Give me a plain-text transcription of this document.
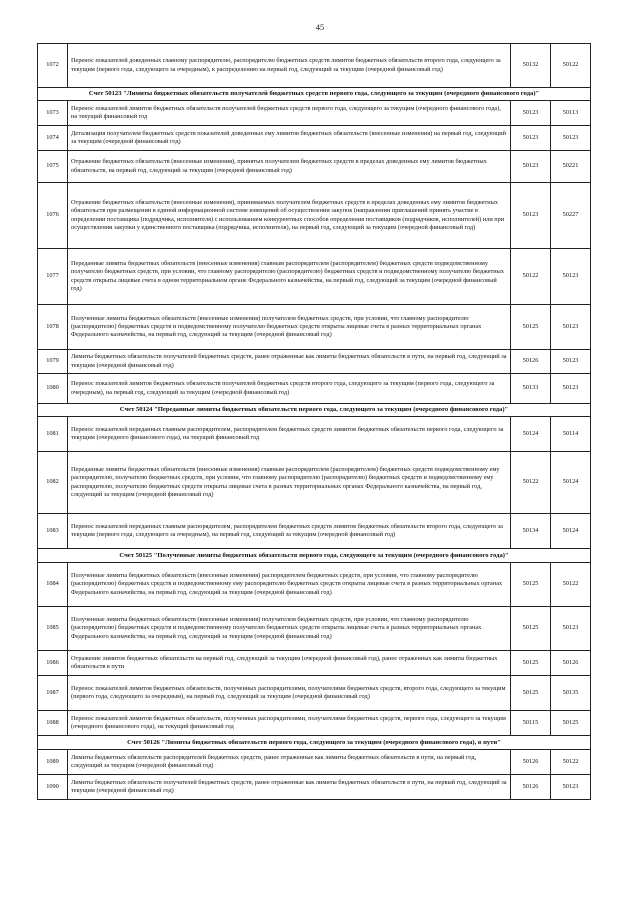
45
1072	Перенос показателей доведенных главному распорядителю, распорядителю бюджетных средств лимитов бюджетных обязательств второго года, следующего за текущим (первого года, следующего за очередным), к распределению на первый год, следующий за текущим (очередной финансовый год)	50132	50122
Счет 50123 "Лимиты бюджетных обязательств получателей бюджетных средств первого года, следующего за текущим (очередного финансового года)"			
1073	Перенос показателей лимитов бюджетных обязательств получателей бюджетных средств первого года, следующего за текущим (очередного финансового года), на текущий финансовый год	50123	50113
1074	Детализация получателем бюджетных средств показателей доведенных ему лимитов бюджетных обязательств (внесенные изменения) на первый год, следующий за текущим (очередной финансовый год)	50123	50123
1075	Отражение бюджетных обязательств (внесенные изменения), принятых получателем бюджетных средств в пределах доведенных ему лимитов бюджетных обязательств, на первый год, следующий за текущим (очередной финансовый год)	50123	50221
1076	Отражение бюджетных обязательств (внесенные изменения), принимаемых получателем бюджетных средств в пределах доведенных ему лимитов бюджетных обязательств при размещении в единой информационной системе извещений об осуществлении закупок (направлении приглашений принять участие в определении поставщика (подрядчика, исполнителя) с использованием конкурентных способов определения поставщиков (подрядчиков, исполнителей) или при осуществлении закупки у единственного поставщика (подрядчика, исполнителя), на первый год, следующий за текущим (очередной финансовый год)	50123	50227
1077	Переданные лимиты бюджетных обязательств (внесенные изменения) главным распорядителем (распорядителем) бюджетных средств подведомственному получателю бюджетных средств, при условии, что главному распорядителю (распорядителю) бюджетных средств и подведомственному получателю бюджетных средств открыты лицевые счета в одном территориальном органе Федерального казначейства, на первый год, следующий за текущим (очередной финансовый год)	50122	50123
1078	Полученные лимиты бюджетных обязательств (внесенные изменения) получателем бюджетных средств, при условии, что главному распорядителю (распорядителю) бюджетных средств и подведомственному получателю бюджетных средств открыты лицевые счета в разных территориальных органах Федерального казначейства, на первый год, следующий за текущим (очередной финансовый год)	50125	50123
1079	Лимиты бюджетных обязательств получателей бюджетных средств, ранее отраженные как лимиты бюджетных обязательств в пути, на первый год, следующий за текущим (очередной финансовый год)	50126	50123
1080	Перенос показателей лимитов бюджетных обязательств получателей бюджетных средств второго года, следующего за текущим (первого года, следующего за очередным), на первый год, следующий за текущим (очередной финансовый год)	50133	50123
Счет 50124 "Переданные лимиты бюджетных обязательств первого года, следующего за текущим (очередного финансового года)"			
1081	Перенос показателей переданных главным распорядителем, распорядителем бюджетных средств лимитов бюджетных обязательств первого года, следующего за текущим (очередного финансового года), на текущий финансовый год	50124	50114
1082	Переданные лимиты бюджетных обязательств (внесенные изменения) главным распорядителем (распорядителем) бюджетных средств подведомственному ему распорядителю, получателю бюджетных средств, при условии, что главному распорядителю (распорядителю) бюджетных средств и подведомственному ему распорядителю, получателю бюджетных средств открыты лицевые счета в разных территориальных органах Федерального казначейства, на первый год, следующий за текущим (очередной финансовый год)	50122	50124
1083	Перенос показателей переданных главным распорядителем, распорядителем бюджетных средств лимитов бюджетных обязательств второго года, следующего за текущим (первого года, следующего за очередным), на первый год, следующий за текущим (очередной финансовый год)	50134	50124
Счет 50125 "Полученные лимиты бюджетных обязательств первого года, следующего за текущим (очередного финансового года)"			
1084	Полученные лимиты бюджетных обязательств (внесенные изменения) распорядителем бюджетных средств, при условии, что главному распорядителю (распорядителю) бюджетных средств и подведомственному ему распорядителю бюджетных средств открыты лицевые счета в разных территориальных органах Федерального казначейства, на первый год, следующий за текущим (очередной финансовый год)	50125	50122
1085	Полученные лимиты бюджетных обязательств (внесенные изменения) получателем бюджетных средств, при условии, что главному распорядителю (распорядителю) бюджетных средств и подведомственному получателю бюджетных средств открыты лицевые счета в разных территориальных органах Федерального казначейства, на первый год, следующий за текущим (очередной финансовый год)	50125	50123
1086	Отражение лимитов бюджетных обязательств на первый год, следующий за текущим (очередной финансовый год), ранее отраженных как лимиты бюджетных обязательств в пути	50125	50126
1087	Перенос показателей лимитов бюджетных обязательств, полученных распорядителями, получателями бюджетных средств, второго года, следующего за текущим (первого года, следующего за очередным), на первый год, следующий за текущим (очередной финансовый год)	50125	50135
1088	Перенос показателей лимитов бюджетных обязательств, полученных распорядителями, получателями бюджетных средств, первого года, следующего за текущим (очередного финансового года), на текущий финансовый год	50115	50125
Счет 50126 "Лимиты бюджетных обязательств первого года, следующего за текущим (очередного финансового года), в пути"			
1089	Лимиты бюджетных обязательств распорядителей бюджетных средств, ранее отраженные как лимиты бюджетных обязательств в пути, на первый год, следующий за текущим (очередной финансовый год)	50126	50122
1090	Лимиты бюджетных обязательств получателей бюджетных средств, ранее отраженные как лимиты бюджетных обязательств в пути, на первый год, следующий за текущим (очередной финансовый год)	50126	50123
